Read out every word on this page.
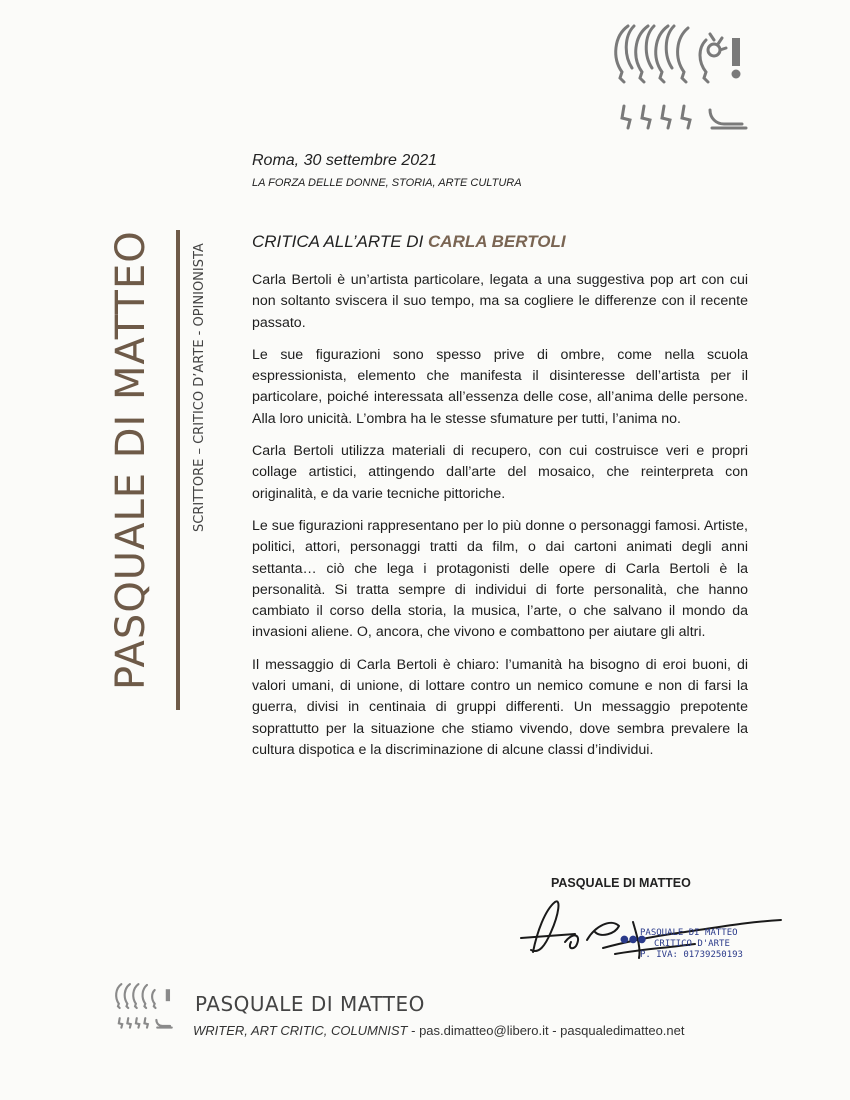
PASQUALE DI MATTEO	SCRITTORE – CRITICO D’ARTE - OPINIONISTA
Roma, 30 settembre 2021
LA FORZA DELLE DONNE, STORIA, ARTE CULTURA
CRITICA ALL’ARTE DI CARLA BERTOLI

Carla Bertoli è un’artista particolare, legata a una suggestiva pop art con cui non soltanto sviscera il suo tempo, ma sa cogliere le differenze con il recente passato.

Le sue figurazioni sono spesso prive di ombre, come nella scuola espressionista, elemento che manifesta il disinteresse dell’artista per il particolare, poiché interessata all’essenza delle cose, all’anima delle persone. Alla loro unicità. L’ombra ha le stesse sfumature per tutti, l’anima no.

Carla Bertoli utilizza materiali di recupero, con cui costruisce veri e propri collage artistici, attingendo dall’arte del mosaico, che reinterpreta con originalità, e da varie tecniche pittoriche.

Le sue figurazioni rappresentano per lo più donne o personaggi famosi. Artiste, politici, attori, personaggi tratti da film, o dai cartoni animati degli anni settanta… ciò che lega i protagonisti delle opere di Carla Bertoli è la personalità. Si tratta sempre di individui di forte personalità, che hanno cambiato il corso della storia, la musica, l’arte, o che salvano il mondo da invasioni aliene. O, ancora, che vivono e combattono per aiutare gli altri.

Il messaggio di Carla Bertoli è chiaro: l’umanità ha bisogno di eroi buoni, di valori umani, di unione, di lottare contro un nemico comune e non di farsi la guerra, divisi in centinaia di gruppi differenti. Un messaggio prepotente soprattutto per la situazione che stiamo vivendo, dove sembra prevalere la cultura dispotica e la discriminazione di alcune classi d’individui.

PASQUALE DI MATTEO
●●●
PASQUALE DI MATTEO
CRITICO D'ARTE
P. IVA: 01739250193
PASQUALE DI MATTEO
WRITER, ART CRITIC, COLUMNIST - pas.dimatteo@libero.it - pasqualedimatteo.net
